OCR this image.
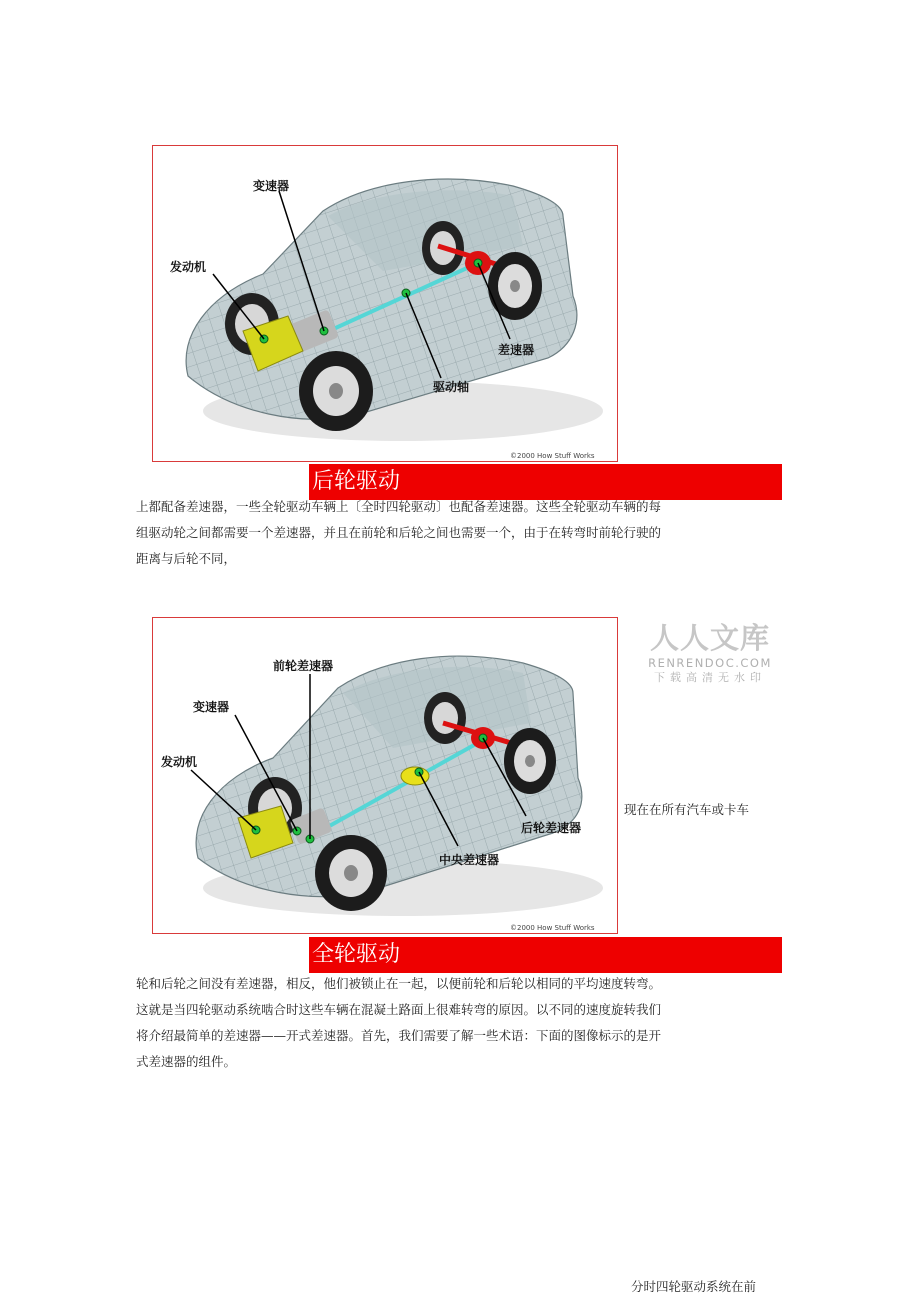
变速器
发动机
驱动轴
差速器
©2000 How Stuff Works
后轮驱动

上都配备差速器，一些全轮驱动车辆上〔全时四轮驱动〕也配备差速器。这些全轮驱动车辆的每组驱动轮之间都需要一个差速器，并且在前轮和后轮之间也需要一个，由于在转弯时前轮行驶的距离与后轮不同，

前轮差速器
变速器
发动机
后轮差速器
中央差速器
©2000 How Stuff Works
全轮驱动
现在在所有汽车或卡车
人人文库
RENRENDOC.COM
下载高清无水印

轮和后轮之间没有差速器，相反，他们被锁止在一起，以便前轮和后轮以相同的平均速度转弯。这就是当四轮驱动系统啮合时这些车辆在混凝土路面上很难转弯的原因。以不同的速度旋转我们将介绍最简单的差速器——开式差速器。首先，我们需要了解一些术语：下面的图像标示的是开式差速器的组件。

分时四轮驱动系统在前
